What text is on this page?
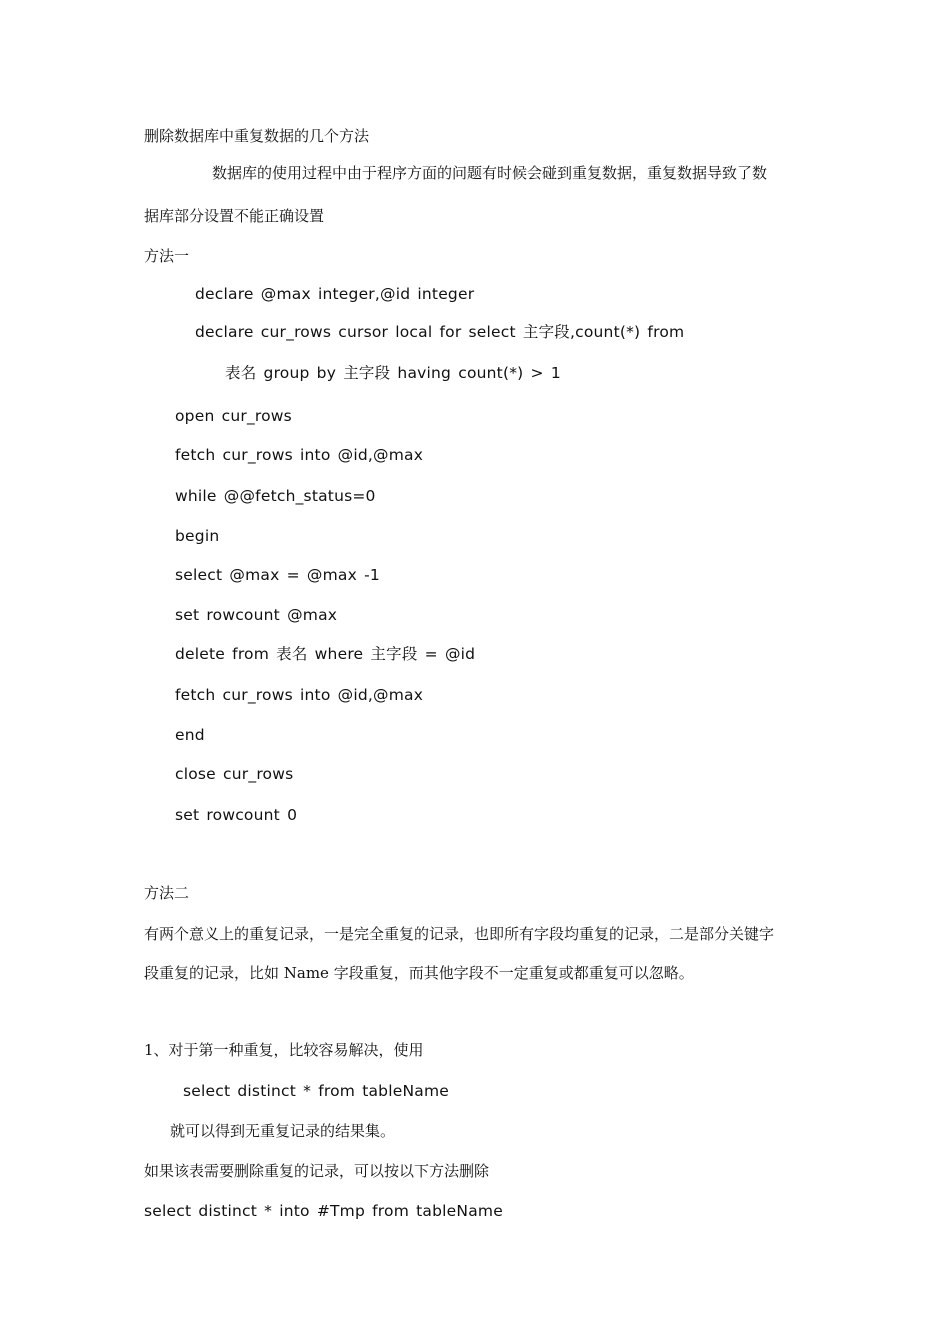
删除数据库中重复数据的几个方法
数据库的使用过程中由于程序方面的问题有时候会碰到重复数据，重复数据导致了数
据库部分设置不能正确设置
方法一
declare @max integer,@id integer
declare cur_rows cursor local for select 主字段,count(*) from
表名 group by 主字段 having count(*) > 1
open cur_rows
fetch cur_rows into @id,@max
while @@fetch_status=0
begin
select @max = @max -1
set rowcount @max
delete from 表名 where 主字段 = @id
fetch cur_rows into @id,@max
end
close cur_rows
set rowcount 0
方法二
有两个意义上的重复记录，一是完全重复的记录，也即所有字段均重复的记录，二是部分关键字
段重复的记录，比如 Name 字段重复，而其他字段不一定重复或都重复可以忽略。
1、对于第一种重复，比较容易解决，使用
select distinct * from tableName
就可以得到无重复记录的结果集。
如果该表需要删除重复的记录，可以按以下方法删除
select distinct * into #Tmp from tableName
